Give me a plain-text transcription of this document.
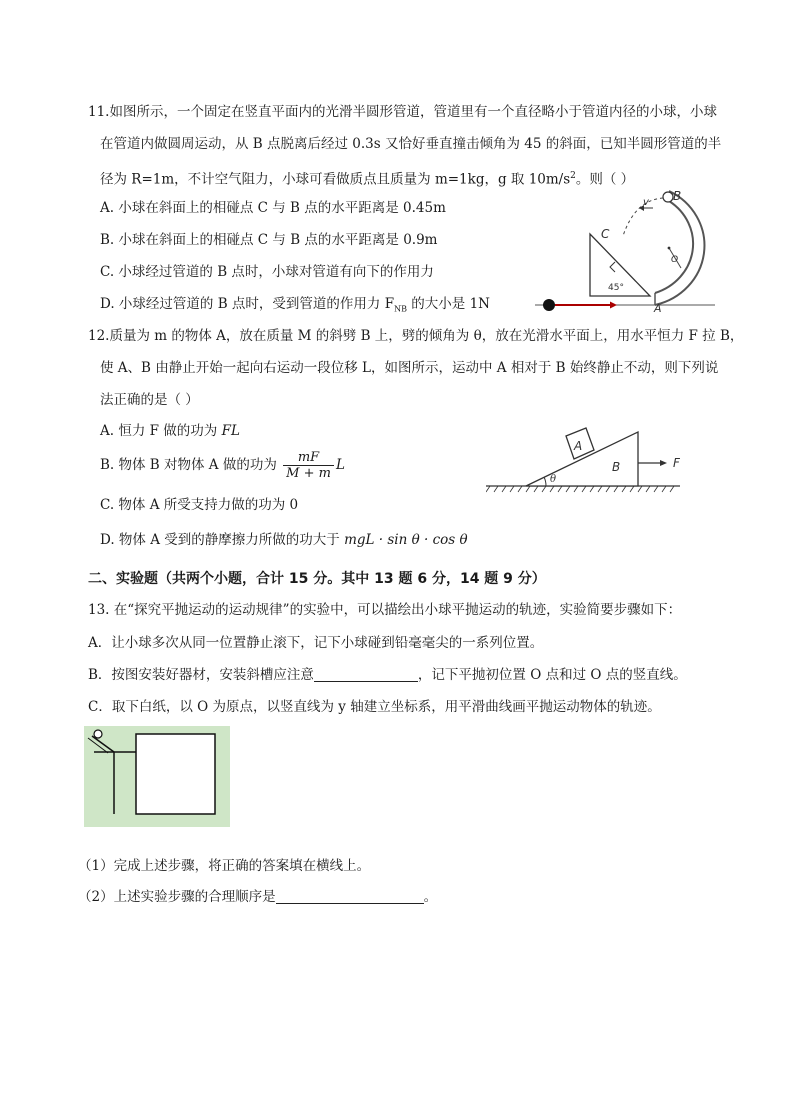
11.如图所示，一个固定在竖直平面内的光滑半圆形管道，管道里有一个直径略小于管道内径的小球，小球
在管道内做圆周运动，从 B 点脱离后经过 0.3s 又恰好垂直撞击倾角为 45 的斜面，已知半圆形管道的半
径为 R=1m，不计空气阻力，小球可看做质点且质量为 m=1kg，g 取 $10m/s^2$。则（ ）
A. 小球在斜面上的相碰点 C 与 B 点的水平距离是 0.45m
B. 小球在斜面上的相碰点 C 与 B 点的水平距离是 0.9m
C. 小球经过管道的 B 点时，小球对管道有向下的作用力
D. 小球经过管道的 B 点时，受到管道的作用力 $F_{NB}$ 的大小是 1N
B
C
A
v
O
45°
12.质量为 m 的物体 A，放在质量 M 的斜劈 B 上，劈的倾角为 θ，放在光滑水平面上，用水平恒力 F 拉 B，
使 A、B 由静止开始一起向右运动一段位移 L，如图所示，运动中 A 相对于 B 始终静止不动，则下列说
法正确的是（ ）
A. 恒力 F 做的功为 FL
B. 物体 B 对物体 A 做的功为 $\frac{mF}{M + m}$ L
C. 物体 A 所受支持力做的功为 0
D. 物体 A 受到的静摩擦力所做的功大于 mgL · sin θ · cos θ
A
B	F
θ
二、实验题（共两个小题，合计 15 分。其中 13 题 6 分，14 题 9 分）
13. 在“探究平抛运动的运动规律”的实验中，可以描绘出小球平抛运动的轨迹，实验简要步骤如下：
A．让小球多次从同一位置静止滚下，记下小球碰到铅毫毫尖的一系列位置。
B．按图安装好器材，安装斜槽应注意	，记下平抛初位置 O 点和过 O 点的竖直线。
C．取下白纸，以 O 为原点，以竖直线为 y 轴建立坐标系，用平滑曲线画平抛运动物体的轨迹。
（1）完成上述步骤，将正确的答案填在横线上。
（2）上述实验步骤的合理顺序是	。
